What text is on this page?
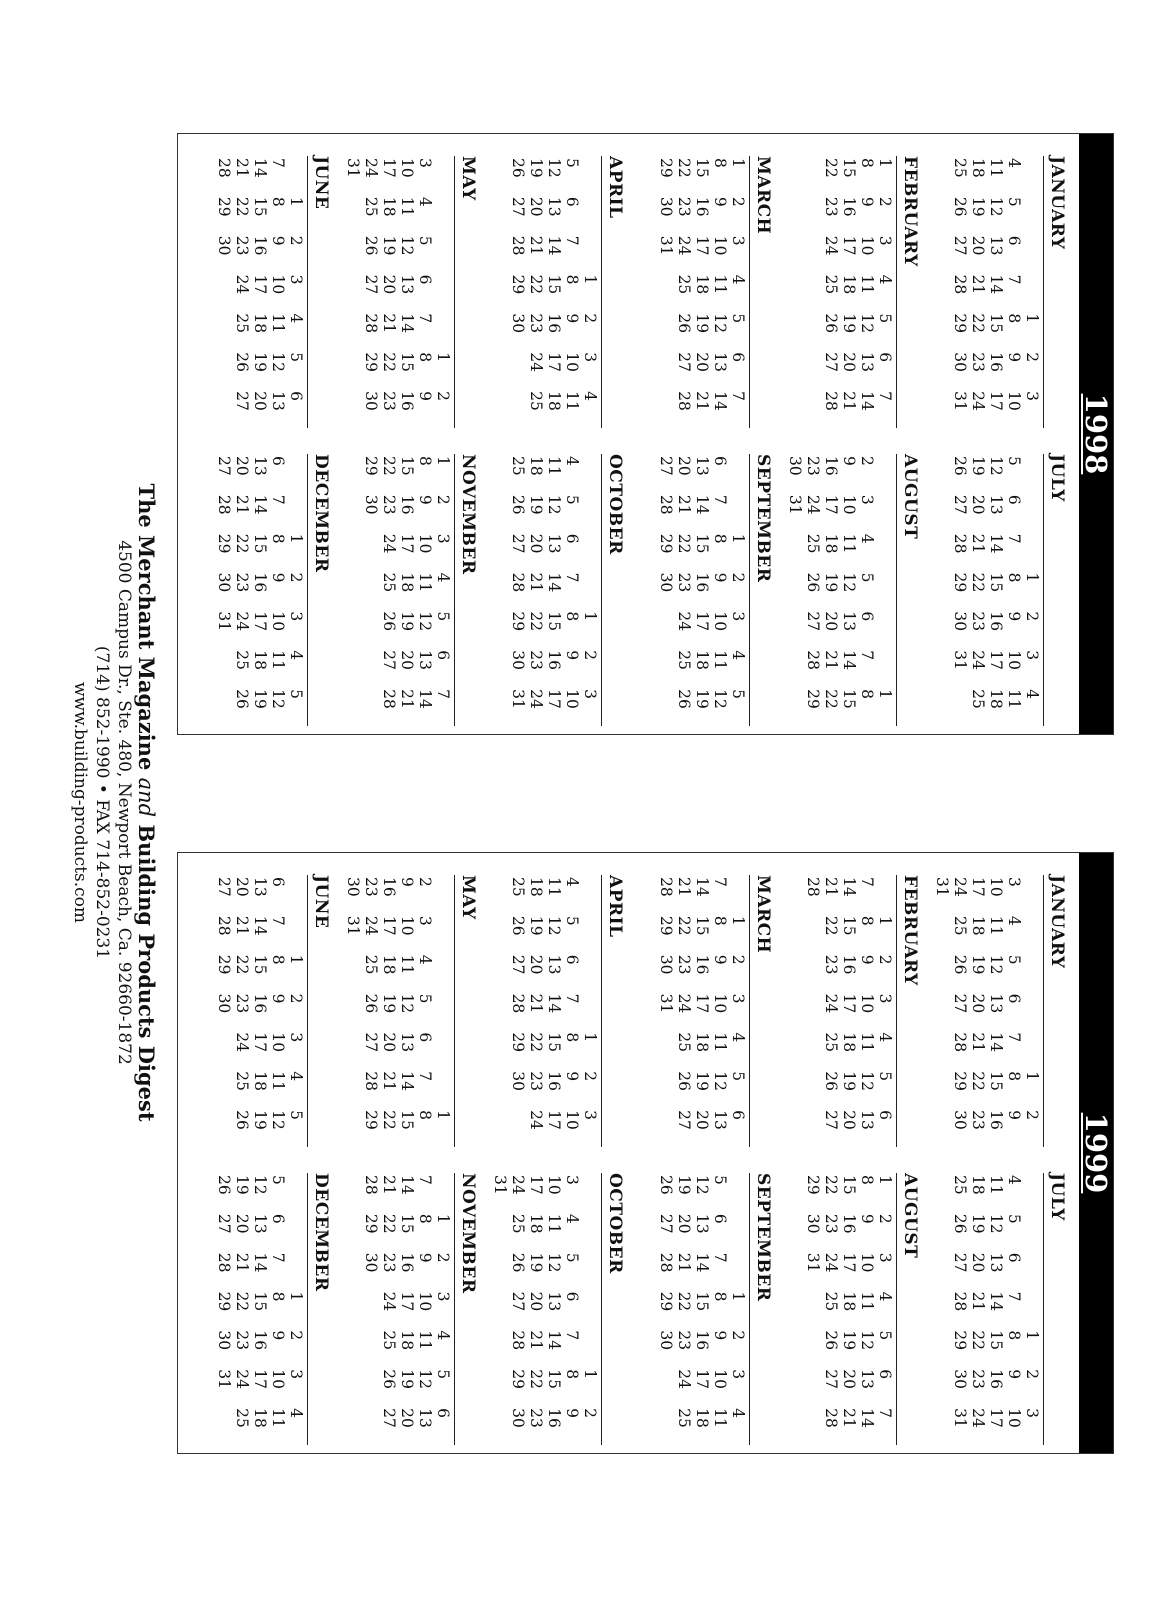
1998
JANUARY
1
2
3
4
5
6
7
8
9
10
11
12
13
14
15
16
17
18
19
20
21
22
23
24
25
26
27
28
29
30
31
FEBRUARY
1
2
3
4
5
6
7
8
9
10
11
12
13
14
15
16
17
18
19
20
21
22
23
24
25
26
27
28
MARCH
1
2
3
4
5
6
7
8
9
10
11
12
13
14
15
16
17
18
19
20
21
22
23
24
25
26
27
28
29
30
31
APRIL
1
2
3
4
5
6
7
8
9
10
11
12
13
14
15
16
17
18
19
20
21
22
23
24
25
26
27
28
29
30
MAY
1
2
3
4
5
6
7
8
9
10
11
12
13
14
15
16
17
18
19
20
21
22
23
24
25
26
27
28
29
30
31
JUNE
1
2
3
4
5
6
7
8
9
10
11
12
13
14
15
16
17
18
19
20
21
22
23
24
25
26
27
28
29
30
JULY
1
2
3
4
5
6
7
8
9
10
11
12
13
14
15
16
17
18
19
20
21
22
23
24
25
26
27
28
29
30
31
AUGUST
1
2
3
4
5
6
7
8
9
10
11
12
13
14
15
16
17
18
19
20
21
22
23
24
25
26
27
28
29
30
31
SEPTEMBER
1
2
3
4
5
6
7
8
9
10
11
12
13
14
15
16
17
18
19
20
21
22
23
24
25
26
27
28
29
30
OCTOBER
1
2
3
4
5
6
7
8
9
10
11
12
13
14
15
16
17
18
19
20
21
22
23
24
25
26
27
28
29
30
31
NOVEMBER
1
2
3
4
5
6
7
8
9
10
11
12
13
14
15
16
17
18
19
20
21
22
23
24
25
26
27
28
29
30
DECEMBER
1
2
3
4
5
6
7
8
9
10
11
12
13
14
15
16
17
18
19
20
21
22
23
24
25
26
27
28
29
30
31
1999
JANUARY
1
2
3
4
5
6
7
8
9
10
11
12
13
14
15
16
17
18
19
20
21
22
23
24
25
26
27
28
29
30
31
FEBRUARY
1
2
3
4
5
6
7
8
9
10
11
12
13
14
15
16
17
18
19
20
21
22
23
24
25
26
27
28
MARCH
1
2
3
4
5
6
7
8
9
10
11
12
13
14
15
16
17
18
19
20
21
22
23
24
25
26
27
28
29
30
31
APRIL
1
2
3
4
5
6
7
8
9
10
11
12
13
14
15
16
17
18
19
20
21
22
23
24
25
26
27
28
29
30
MAY
1
2
3
4
5
6
7
8
9
10
11
12
13
14
15
16
17
18
19
20
21
22
23
24
25
26
27
28
29
30
31
JUNE
1
2
3
4
5
6
7
8
9
10
11
12
13
14
15
16
17
18
19
20
21
22
23
24
25
26
27
28
29
30
JULY
1
2
3
4
5
6
7
8
9
10
11
12
13
14
15
16
17
18
19
20
21
22
23
24
25
26
27
28
29
30
31
AUGUST
1
2
3
4
5
6
7
8
9
10
11
12
13
14
15
16
17
18
19
20
21
22
23
24
25
26
27
28
29
30
31
SEPTEMBER
1
2
3
4
5
6
7
8
9
10
11
12
13
14
15
16
17
18
19
20
21
22
23
24
25
26
27
28
29
30
OCTOBER
1
2
3
4
5
6
7
8
9
10
11
12
13
14
15
16
17
18
19
20
21
22
23
24
25
26
27
28
29
30
31
NOVEMBER
1
2
3
4
5
6
7
8
9
10
11
12
13
14
15
16
17
18
19
20
21
22
23
24
25
26
27
28
29
30
DECEMBER
1
2
3
4
5
6
7
8
9
10
11
12
13
14
15
16
17
18
19
20
21
22
23
24
25
26
27
28
29
30
31
The Merchant Magazine and Building Products Digest
4500 Campus Dr., Ste. 480, Newport Beach, Ca. 92660-1872
(714) 852-1990 • FAX 714-852-0231
www.building-products.com
